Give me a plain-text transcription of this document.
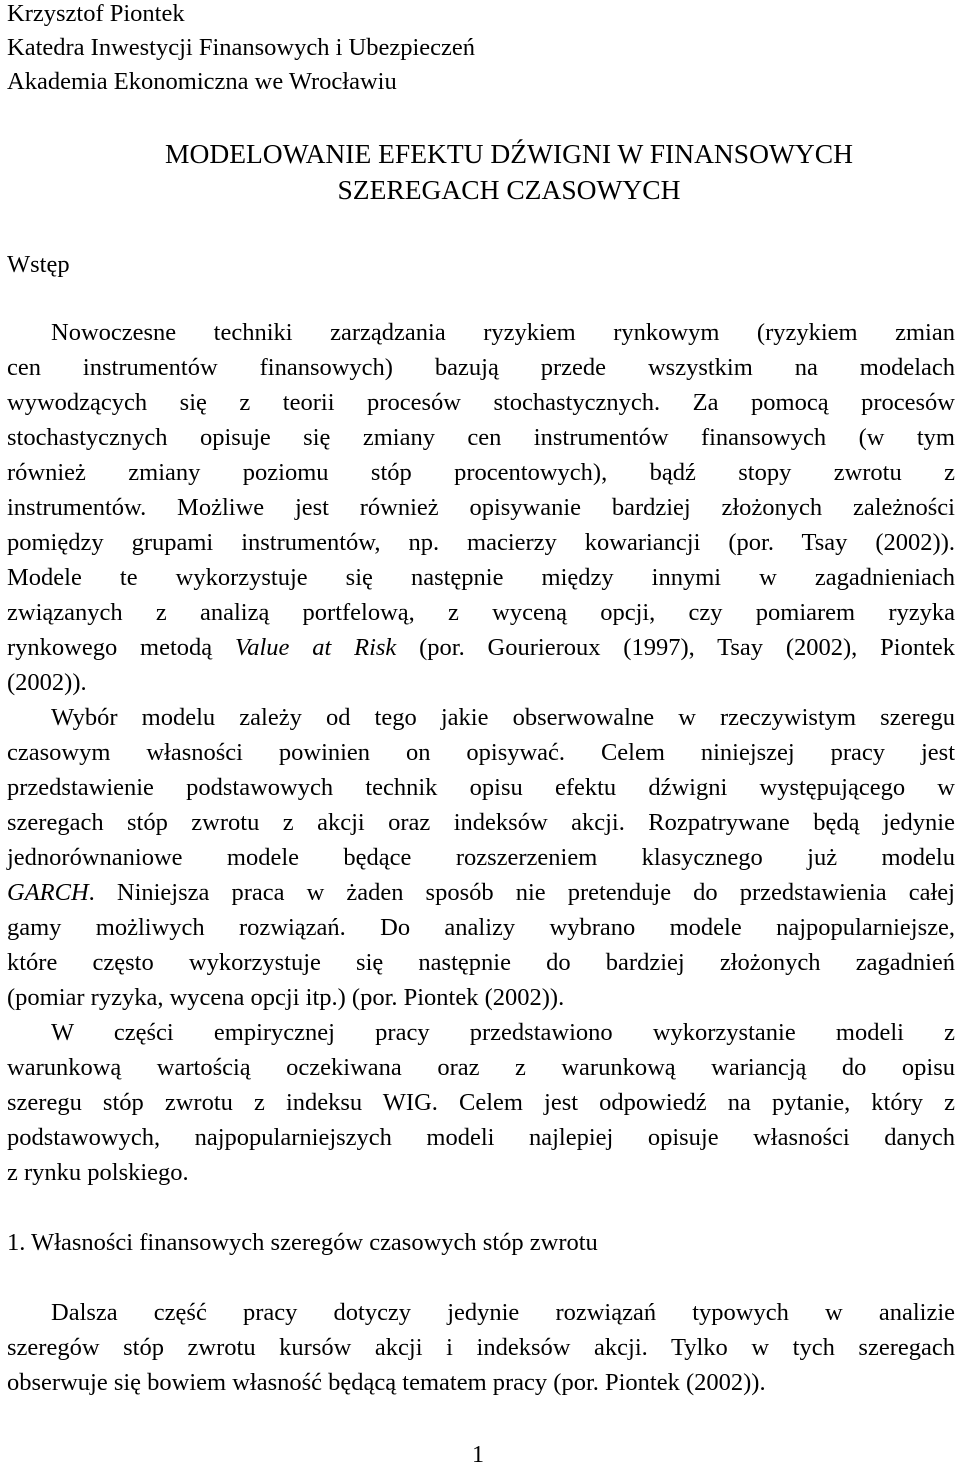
Krzysztof Piontek
Katedra Inwestycji Finansowych i Ubezpieczeń
Akademia Ekonomiczna we Wrocławiu
MODELOWANIE EFEKTU DŹWIGNI W FINANSOWYCH
SZEREGACH CZASOWYCH
Wstęp
Nowoczesne techniki zarządzania ryzykiem rynkowym (ryzykiem zmian
cen instrumentów finansowych) bazują przede wszystkim na modelach
wywodzących się z teorii procesów stochastycznych. Za pomocą procesów
stochastycznych opisuje się zmiany cen instrumentów finansowych (w tym
również zmiany poziomu stóp procentowych), bądź stopy zwrotu z
instrumentów. Możliwe jest również opisywanie bardziej złożonych zależności
pomiędzy grupami instrumentów, np. macierzy kowariancji (por. Tsay (2002)).
Modele te wykorzystuje się następnie między innymi w zagadnieniach
związanych z analizą portfelową, z wyceną opcji, czy pomiarem ryzyka
rynkowego metodą Value at Risk (por. Gourieroux (1997), Tsay (2002), Piontek
(2002)).
Wybór modelu zależy od tego jakie obserwowalne w rzeczywistym szeregu
czasowym własności powinien on opisywać. Celem niniejszej pracy jest
przedstawienie podstawowych technik opisu efektu dźwigni występującego w
szeregach stóp zwrotu z akcji oraz indeksów akcji. Rozpatrywane będą jedynie
jednorównaniowe modele będące rozszerzeniem klasycznego już modelu
GARCH. Niniejsza praca w żaden sposób nie pretenduje do przedstawienia całej
gamy możliwych rozwiązań. Do analizy wybrano modele najpopularniejsze,
które często wykorzystuje się następnie do bardziej złożonych zagadnień
(pomiar ryzyka, wycena opcji itp.) (por. Piontek (2002)).
W części empirycznej pracy przedstawiono wykorzystanie modeli z
warunkową wartością oczekiwana oraz z warunkową wariancją do opisu
szeregu stóp zwrotu z indeksu WIG. Celem jest odpowiedź na pytanie, który z
podstawowych, najpopularniejszych modeli najlepiej opisuje własności danych
z rynku polskiego.
1. Własności finansowych szeregów czasowych stóp zwrotu
Dalsza część pracy dotyczy jedynie rozwiązań typowych w analizie
szeregów stóp zwrotu kursów akcji i indeksów akcji. Tylko w tych szeregach
obserwuje się bowiem własność będącą tematem pracy (por. Piontek (2002)).
1
